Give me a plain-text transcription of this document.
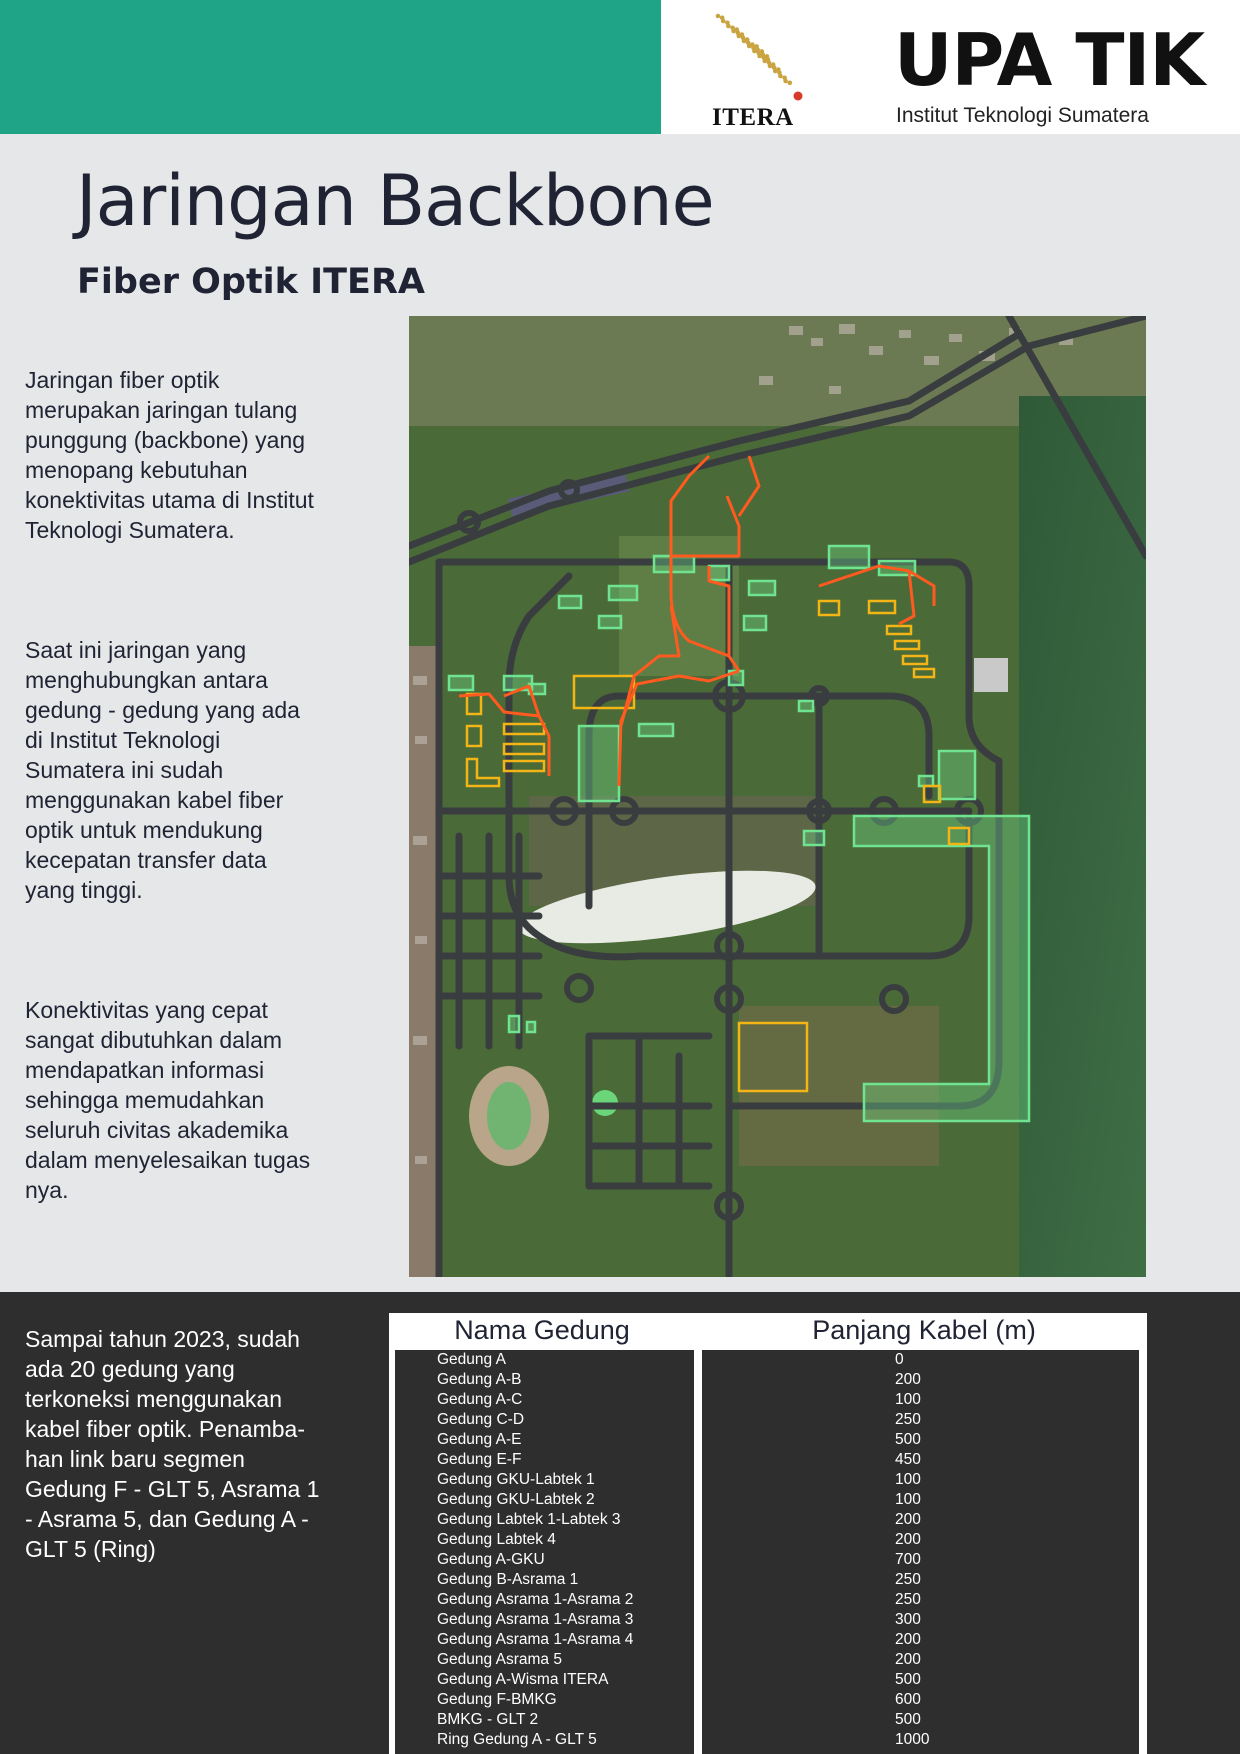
ITERA
UPA TIK
Institut Teknologi Sumatera
Jaringan Backbone
Fiber Optik ITERA

Jaringan fiber optik merupakan jaringan tulang punggung (backbone) yang menopang kebutuhan konektivitas utama di Institut Teknologi Sumatera.

Saat ini jaringan yang menghubungkan antara gedung - gedung yang ada di Institut Teknologi Sumatera ini sudah menggunakan kabel fiber optik untuk mendukung kecepatan transfer data yang tinggi.

Konektivitas yang cepat sangat dibutuhkan dalam mendapatkan informasi sehingga memudahkan seluruh civitas akademika dalam menyelesaikan tugas nya.

Sampai tahun 2023, sudah ada 20 gedung yang terkoneksi menggunakan kabel fiber optik. Penamba-han link baru segmen Gedung F - GLT 5, Asrama 1 - Asrama 5, dan Gedung A - GLT 5 (Ring)

Nama Gedung	Panjang Kabel (m)
Gedung A
Gedung A-B
Gedung A-C
Gedung C-D
Gedung A-E
Gedung E-F
Gedung GKU-Labtek 1
Gedung GKU-Labtek 2
Gedung Labtek 1-Labtek 3
Gedung Labtek 4
Gedung A-GKU
Gedung B-Asrama 1
Gedung Asrama 1-Asrama 2
Gedung Asrama 1-Asrama 3
Gedung Asrama 1-Asrama 4
Gedung Asrama 5
Gedung A-Wisma ITERA
Gedung F-BMKG
BMKG - GLT 2
Ring Gedung A - GLT 5
0
200
100
250
500
450
100
100
200
200
700
250
250
300
200
200
500
600
500
1000
